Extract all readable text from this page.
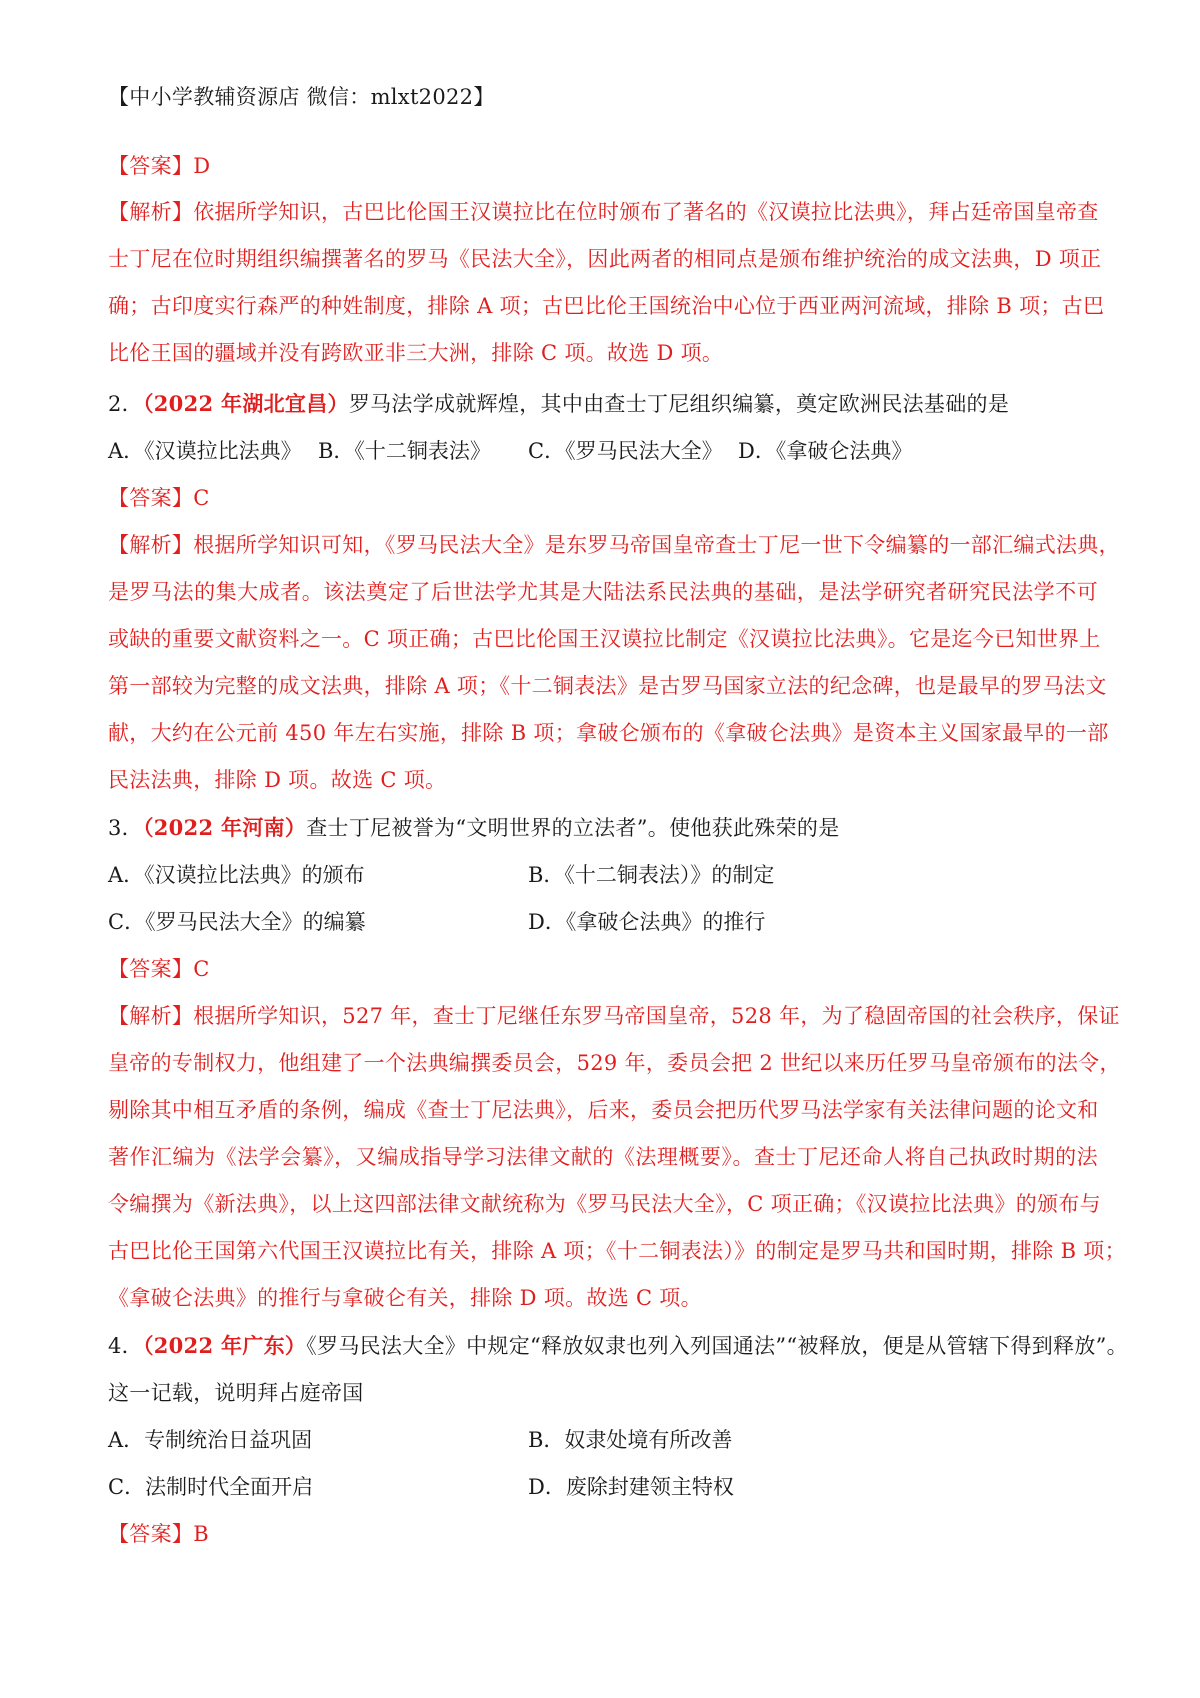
【中小学教辅资源店 微信：mlxt2022】
【答案】D
【解析】依据所学知识，古巴比伦国王汉谟拉比在位时颁布了著名的《汉谟拉比法典》，拜占廷帝国皇帝查
士丁尼在位时期组织编撰著名的罗马《民法大全》，因此两者的相同点是颁布维护统治的成文法典，D 项正
确；古印度实行森严的种姓制度，排除 A 项；古巴比伦王国统治中心位于西亚两河流域，排除 B 项；古巴
比伦王国的疆域并没有跨欧亚非三大洲，排除 C 项。故选 D 项。
2．（2022 年湖北宜昌）罗马法学成就辉煌，其中由查士丁尼组织编纂，奠定欧洲民法基础的是
A．《汉谟拉比法典》 B．《十二铜表法》 C．《罗马民法大全》 D．《拿破仑法典》
【答案】C
【解析】根据所学知识可知，《罗马民法大全》是东罗马帝国皇帝查士丁尼一世下令编纂的一部汇编式法典，
是罗马法的集大成者。该法奠定了后世法学尤其是大陆法系民法典的基础，是法学研究者研究民法学不可
或缺的重要文献资料之一。C 项正确；古巴比伦国王汉谟拉比制定《汉谟拉比法典》。它是迄今已知世界上
第一部较为完整的成文法典，排除 A 项；《十二铜表法》是古罗马国家立法的纪念碑，也是最早的罗马法文
献，大约在公元前 450 年左右实施，排除 B 项；拿破仑颁布的《拿破仑法典》是资本主义国家最早的一部
民法法典，排除 D 项。故选 C 项。
3．（2022 年河南）查士丁尼被誉为“文明世界的立法者”。使他获此殊荣的是
A．《汉谟拉比法典》的颁布	B．《十二铜表法）》的制定
C．《罗马民法大全》的编纂	D．《拿破仑法典》的推行
【答案】C
【解析】根据所学知识，527 年，查士丁尼继任东罗马帝国皇帝，528 年，为了稳固帝国的社会秩序，保证
皇帝的专制权力，他组建了一个法典编撰委员会，529 年，委员会把 2 世纪以来历任罗马皇帝颁布的法令，
剔除其中相互矛盾的条例，编成《查士丁尼法典》，后来，委员会把历代罗马法学家有关法律问题的论文和
著作汇编为《法学会纂》，又编成指导学习法律文献的《法理概要》。查士丁尼还命人将自己执政时期的法
令编撰为《新法典》，以上这四部法律文献统称为《罗马民法大全》，C 项正确；《汉谟拉比法典》的颁布与
古巴比伦王国第六代国王汉谟拉比有关，排除 A 项；《十二铜表法）》的制定是罗马共和国时期，排除 B 项；
《拿破仑法典》的推行与拿破仑有关，排除 D 项。故选 C 项。
4．（2022 年广东）《罗马民法大全》中规定“释放奴隶也列入列国通法”“被释放，便是从管辖下得到释放”。
这一记载，说明拜占庭帝国
A．专制统治日益巩固	B．奴隶处境有所改善
C．法制时代全面开启	D．废除封建领主特权
【答案】B
